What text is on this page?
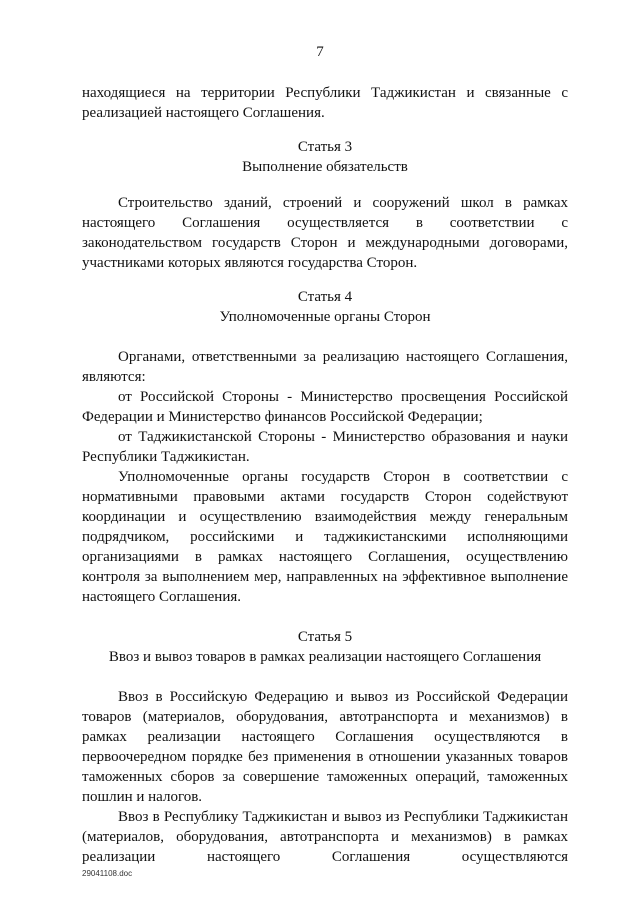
7

находящиеся на территории Республики Таджикистан и связанные с реализацией настоящего Соглашения.

Статья 3
Выполнение обязательств

Строительство зданий, строений и сооружений школ в рамках настоящего Соглашения осуществляется в соответствии с законодательством государств Сторон и международными договорами, участниками которых являются государства Сторон.

Статья 4
Уполномоченные органы Сторон

Органами, ответственными за реализацию настоящего Соглашения, являются:

от Российской Стороны - Министерство просвещения Российской Федерации и Министерство финансов Российской Федерации;

от Таджикистанской Стороны - Министерство образования и науки Республики Таджикистан.

Уполномоченные органы государств Сторон в соответствии с нормативными правовыми актами государств Сторон содействуют координации и осуществлению взаимодействия между генеральным подрядчиком, российскими и таджикистанскими исполняющими организациями в рамках настоящего Соглашения, осуществлению контроля за выполнением мер, направленных на эффективное выполнение настоящего Соглашения.

Статья 5
Ввоз и вывоз товаров в рамках реализации настоящего Соглашения

Ввоз в Российскую Федерацию и вывоз из Российской Федерации товаров (материалов, оборудования, автотранспорта и механизмов) в рамках реализации настоящего Соглашения осуществляются в первоочередном порядке без применения в отношении указанных товаров таможенных сборов за совершение таможенных операций, таможенных пошлин и налогов.

Ввоз в Республику Таджикистан и вывоз из Республики Таджикистан (материалов, оборудования, автотранспорта и механизмов) в рамках реализации настоящего Соглашения осуществляются

29041108.doc
